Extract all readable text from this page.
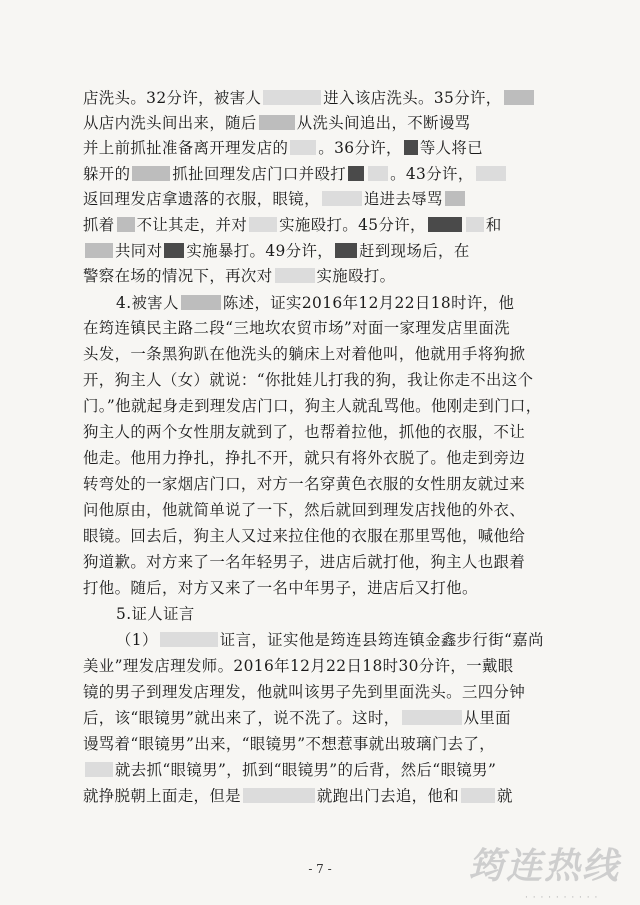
店洗头。32分许，被害人	进入该店洗头。35分许，
从店内洗头间出来，随后	从洗头间追出，不断谩骂
并上前抓扯准备离开理发店的 。36分许， 等人将已
躲开的	抓扯回理发店门口并殴打	。43分许，
返回理发店拿遗落的衣服，眼镜，	追进去辱骂
抓着 不让其走，并对 实施殴打。45分许，	和
共同对 实施暴打。49分许， 赶到现场后，在
警察在场的情况下，再次对	实施殴打。
4.被害人	陈述，证实2016年12月22日18时许，他
在筠连镇民主路二段“三地坎农贸市场”对面一家理发店里面洗
头发，一条黑狗趴在他洗头的躺床上对着他叫，他就用手将狗掀
开，狗主人（女）就说：“你批娃儿打我的狗，我让你走不出这个
门。”他就起身走到理发店门口，狗主人就乱骂他。他刚走到门口，
狗主人的两个女性朋友就到了，也帮着拉他，抓他的衣服，不让
他走。他用力挣扎，挣扎不开，就只有将外衣脱了。他走到旁边
转弯处的一家烟店门口，对方一名穿黄色衣服的女性朋友就过来
问他原由，他就简单说了一下，然后就回到理发店找他的外衣、
眼镜。回去后，狗主人又过来拉住他的衣服在那里骂他，喊他给
狗道歉。对方来了一名年轻男子，进店后就打他，狗主人也跟着
打他。随后，对方又来了一名中年男子，进店后又打他。
5.证人证言
（1）	证言，证实他是筠连县筠连镇金鑫步行街“嘉尚
美业”理发店理发师。2016年12月22日18时30分许，一戴眼
镜的男子到理发店理发，他就叫该男子先到里面洗头。三四分钟
后，该“眼镜男”就出来了，说不洗了。这时，	从里面
谩骂着“眼镜男”出来，“眼镜男”不想惹事就出玻璃门去了，
就去抓“眼镜男”，抓到“眼镜男”的后背，然后“眼镜男”
就挣脱朝上面走，但是	就跑出门去追，他和 就
- 7 -	筠连热线
· · · · · · · · · ·
